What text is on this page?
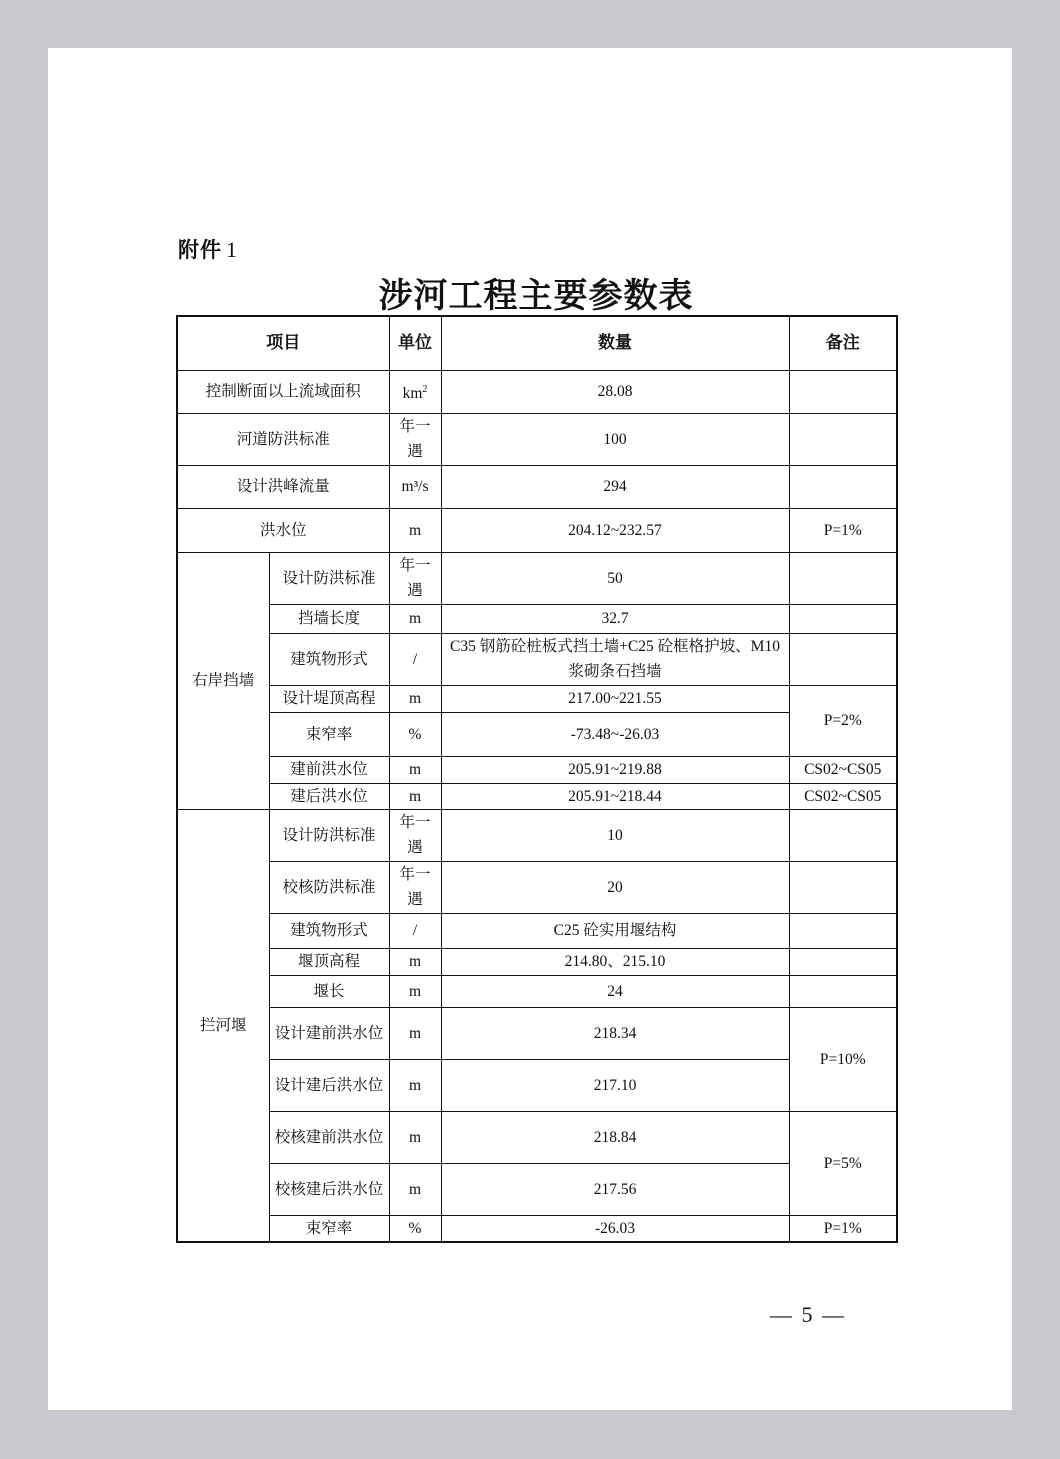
附件 1
涉河工程主要参数表
项目		单位	数量	备注
控制断面以上流域面积		$km^2$	28.08	
河道防洪标准		年一遇	100	
设计洪峰流量		m³/s	294	
洪水位		m	204.12~232.57	P=1%
右岸挡墙	设计防洪标准	年一遇	50	
	挡墙长度	m	32.7	
	建筑物形式	/	C35 钢筋砼桩板式挡土墙+C25 砼框格护坡、M10 浆砌条石挡墙	
	设计堤顶高程	m	217.00~221.55	P=2%
	束窄率	%	-73.48~-26.03	
	建前洪水位	m	205.91~219.88	CS02~CS05
	建后洪水位	m	205.91~218.44	CS02~CS05
拦河堰	设计防洪标准	年一遇	10	
	校核防洪标准	年一遇	20	
	建筑物形式	/	C25 砼实用堰结构	
	堰顶高程	m	214.80、215.10	
	堰长	m	24	
	设计建前洪水位	m	218.34	P=10%
	设计建后洪水位	m	217.10	
	校核建前洪水位	m	218.84	P=5%
	校核建后洪水位	m	217.56	
	束窄率	%	-26.03	P=1%
— 5 —
